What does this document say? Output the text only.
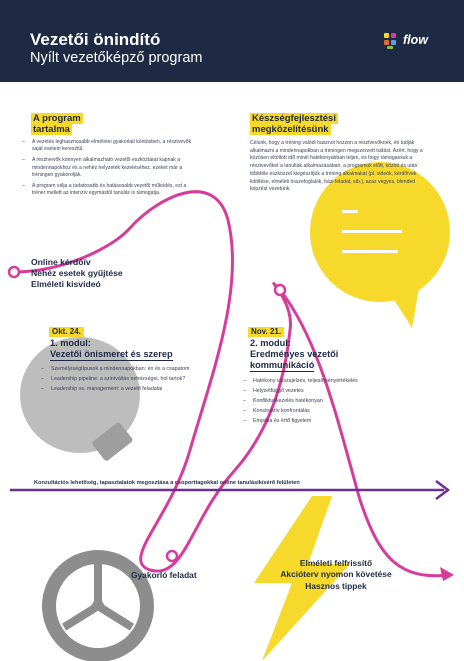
Vezetői önindító
Nyílt vezetőképző program
flow
A program
tartalma
– A vezetés leghasznosabb elméletei gyakorlati köntösben, a résztvevők saját esetein keresztül.
– A résztvevők könnyen alkalmazható vezetői eszköztárat kapnak a mindennapokhoz és a nehéz helyzetek kezeléséhez, ezeket már a tréningen gyakorolják.
– A program célja a tudatosabb és hatásosabb vezetői működés, ezt a tréner mellett az intenzív egymástól tanulás is támogatja.
Készségfejlesztési
megközelítésünk
Célunk, hogy a tréning valódi hasznot hozzon a résztvevőknek, és tudják alkalmazni a mindennapokban a tréningen megszerzett tudást. Azért, hogy a közösen eltöltött idő minél hatékonyabban teljen, és hogy támogassuk a résztvevőket a tanultak alkalmazásában, a programok előtt, között és után többféle eszközzel kiegészítjük a tréning alkalmakat (pl. videók, kérdőívek kitöltése, elméleti összefoglalók, házi feladat, stb.), azaz vegyes, blended képzést vezetünk.
Online kérdőív
Nehéz esetek gyűjtése
Elméleti kisvideó
Okt. 24.
1. modul:
Vezetői önismeret és szerep
– Személyiségtípusok a mindennapokban: én és a csapatom
– Leadership pipeline: a szintváltás nehézségei, hol tartok?
– Leadership vs. management: a vezető feladatai
Nov. 21.
2. modul:
Eredményes vezetői
kommunikáció
– Hatékony visszajelzés, teljesítményértékelés
– Helyzetfüggő vezetés
– Konfliktuskezelés hatékonyan
– Konstruktív konfrontálás
– Empátia és értő figyelem
Konzultációs lehetőség, tapasztalatok megosztása a csoporttagokkal online tanulásikísérő felületen
Gyakorló feladat
Elméleti felfrissítő
Akcióterv nyomon követése
Hasznos tippek
